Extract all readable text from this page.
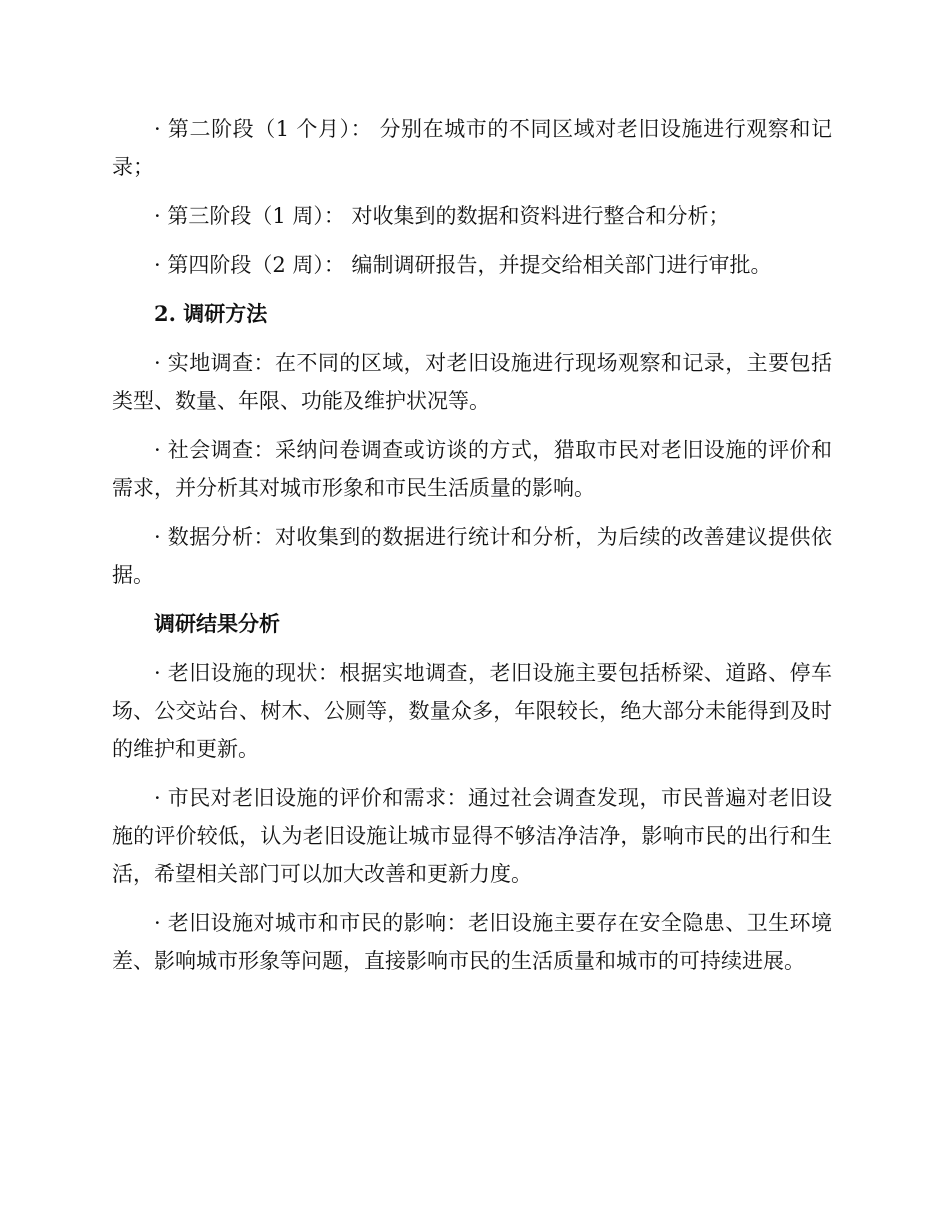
· 第二阶段（1 个月）： 分别在城市的不同区域对老旧设施进行观察和记录；

· 第三阶段（1 周）： 对收集到的数据和资料进行整合和分析；

· 第四阶段（2 周）： 编制调研报告，并提交给相关部门进行审批。

2. 调研方法

· 实地调查：在不同的区域，对老旧设施进行现场观察和记录，主要包括类型、数量、年限、功能及维护状况等。

· 社会调查：采纳问卷调查或访谈的方式，猎取市民对老旧设施的评价和需求，并分析其对城市形象和市民生活质量的影响。

· 数据分析：对收集到的数据进行统计和分析，为后续的改善建议提供依据。

调研结果分析

· 老旧设施的现状：根据实地调查，老旧设施主要包括桥梁、道路、停车场、公交站台、树木、公厕等，数量众多，年限较长，绝大部分未能得到及时的维护和更新。

· 市民对老旧设施的评价和需求：通过社会调查发现，市民普遍对老旧设施的评价较低，认为老旧设施让城市显得不够洁净洁净，影响市民的出行和生活，希望相关部门可以加大改善和更新力度。

· 老旧设施对城市和市民的影响：老旧设施主要存在安全隐患、卫生环境差、影响城市形象等问题，直接影响市民的生活质量和城市的可持续进展。
